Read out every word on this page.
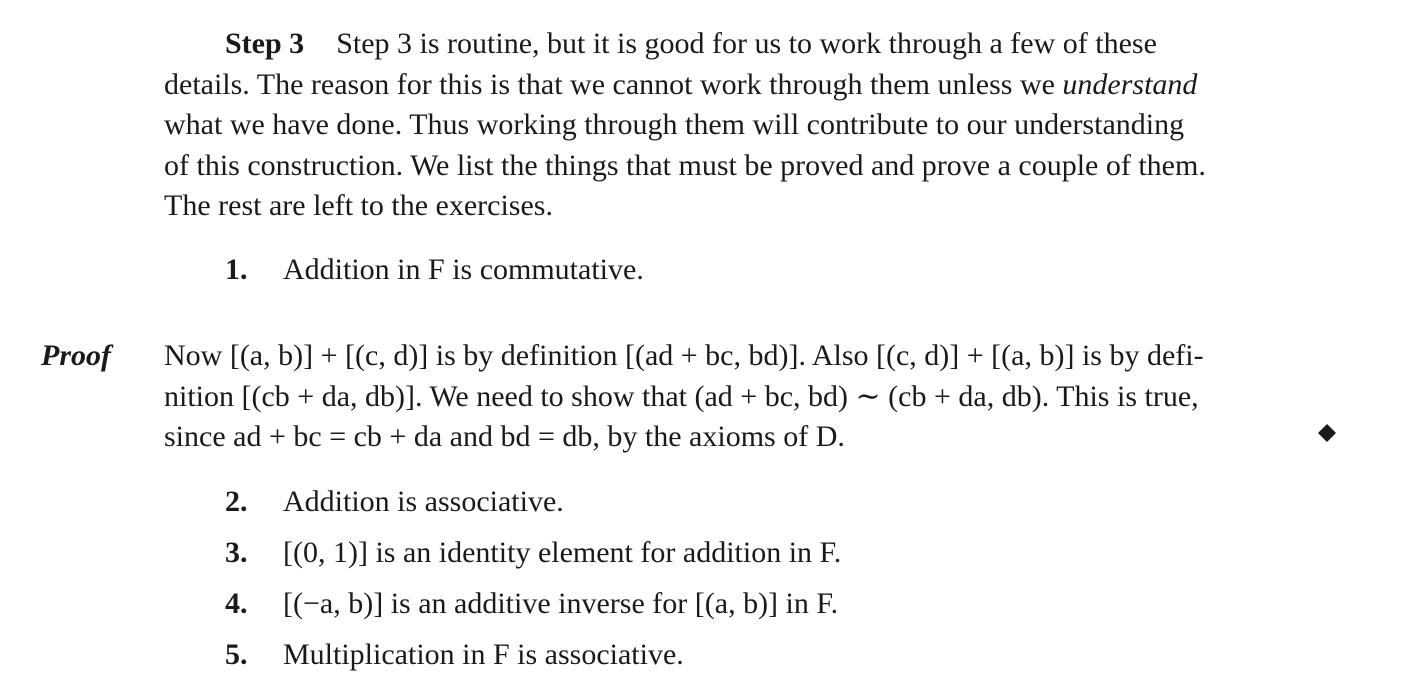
Step 3 Step 3 is routine, but it is good for us to work through a few of these
details. The reason for this is that we cannot work through them unless we understand
what we have done. Thus working through them will contribute to our understanding
of this construction. We list the things that must be proved and prove a couple of them.
The rest are left to the exercises.
1. Addition in F is commutative.
Proof Now [(a, b)] + [(c, d)] is by definition [(ad + bc, bd)]. Also [(c, d)] + [(a, b)] is by defi-
nition [(cb + da, db)]. We need to show that (ad + bc, bd) ∼ (cb + da, db). This is true,
since ad + bc = cb + da and bd = db, by the axioms of D.
2. Addition is associative.
3. [(0, 1)] is an identity element for addition in F.
4. [(−a, b)] is an additive inverse for [(a, b)] in F.
5. Multiplication in F is associative.
